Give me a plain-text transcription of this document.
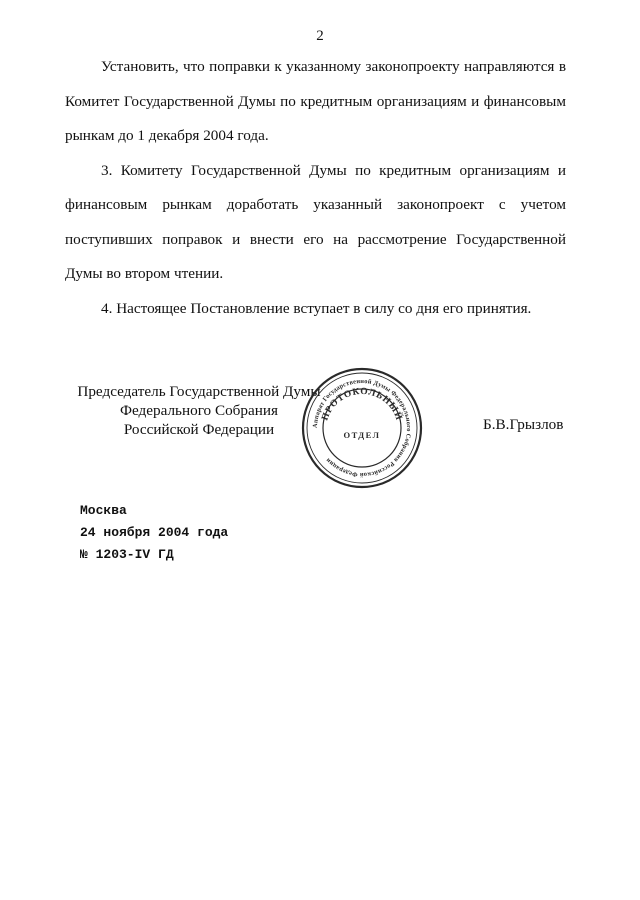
2

Установить, что поправки к указанному законопроекту направляются в Комитет Государственной Думы по кредитным организациям и финансовым рынкам до 1 декабря 2004 года.

3. Комитету Государственной Думы по кредитным организациям и финансовым рынкам доработать указанный законопроект с учетом поступивших поправок и внести его на рассмотрение Государственной Думы во втором чтении.

4. Настоящее Постановление вступает в силу со дня его принятия.

Председатель Государственной Думы
Федерального Собрания
Российской Федерации	Аппарат Государственной Думы Федерального Собрания Российской Федерации
ПРОТОКОЛЬНЫЙ
ОТДЕЛ
Б.В.Грызлов
Москва
24 ноября 2004 года
№ 1203-IV ГД
